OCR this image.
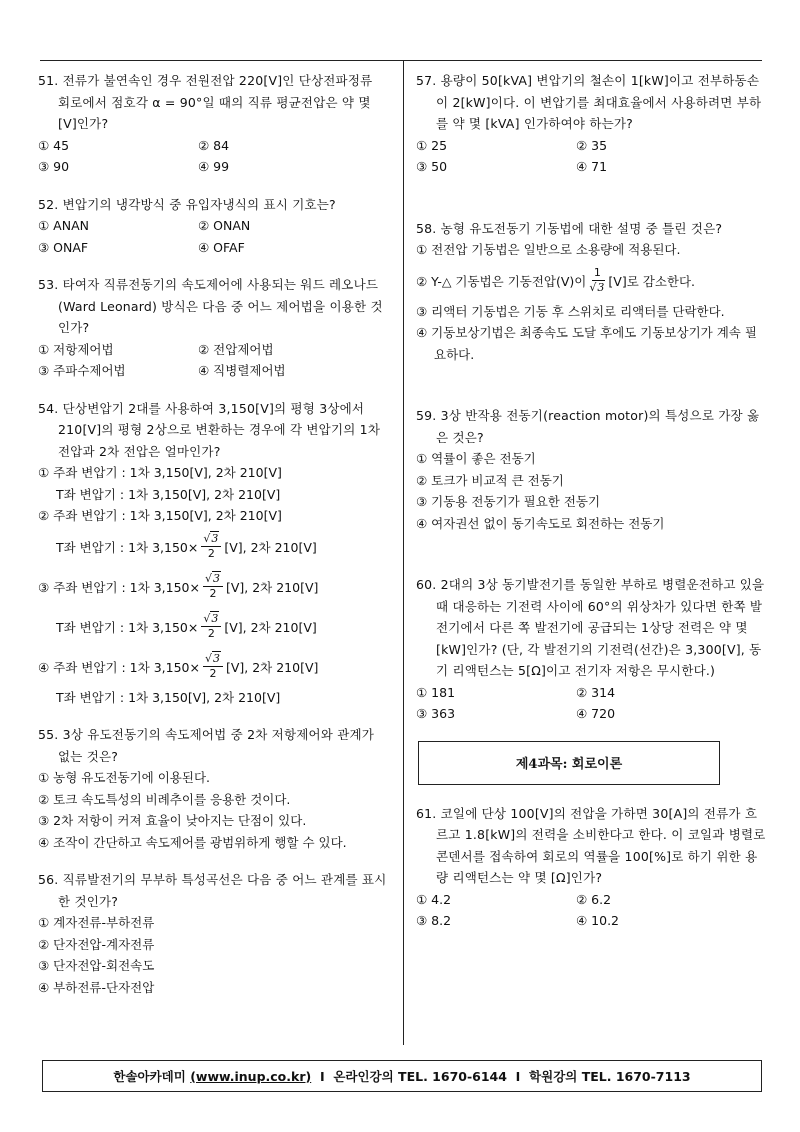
51. 전류가 불연속인 경우 전원전압 220[V]인 단상전파정류 회로에서 점호각 α = 90°일 때의 직류 평균전압은 약 몇 [V]인가?
① 45	② 84
③ 90	④ 99
52. 변압기의 냉각방식 중 유입자냉식의 표시 기호는?
① ANAN	② ONAN
③ ONAF	④ OFAF
53. 타여자 직류전동기의 속도제어에 사용되는 워드 레오나드(Ward Leonard) 방식은 다음 중 어느 제어법을 이용한 것인가?
① 저항제어법	② 전압제어법
③ 주파수제어법	④ 직병렬제어법
54. 단상변압기 2대를 사용하여 3,150[V]의 평형 3상에서 210[V]의 평형 2상으로 변환하는 경우에 각 변압기의 1차 전압과 2차 전압은 얼마인가?
① 주좌 변압기 : 1차 3,150[V], 2차 210[V]
T좌 변압기 : 1차 3,150[V], 2차 210[V]
② 주좌 변압기 : 1차 3,150[V], 2차 210[V]
T좌 변압기 : 1차 $3,150\times \frac{√3}{2} [V]$, 2차 210[V]
③ 주좌 변압기 : 1차 $3,150\times \frac{√3}{2} [V]$, 2차 210[V]
T좌 변압기 : 1차 $3,150\times \frac{√3}{2} [V]$, 2차 210[V]
④ 주좌 변압기 : 1차 $3,150\times \frac{√3}{2} [V]$, 2차 210[V]
T좌 변압기 : 1차 3,150[V], 2차 210[V]
55. 3상 유도전동기의 속도제어법 중 2차 저항제어와 관계가 없는 것은?
① 농형 유도전동기에 이용된다.
② 토크 속도특성의 비례추이를 응용한 것이다.
③ 2차 저항이 커져 효율이 낮아지는 단점이 있다.
④ 조작이 간단하고 속도제어를 광범위하게 행할 수 있다.
56. 직류발전기의 무부하 특성곡선은 다음 중 어느 관계를 표시한 것인가?
① 계자전류-부하전류
② 단자전압-계자전류
③ 단자전압-회전속도
④ 부하전류-단자전압
57. 용량이 50[kVA] 변압기의 철손이 1[kW]이고 전부하동손이 2[kW]이다. 이 변압기를 최대효율에서 사용하려면 부하를 약 몇 [kVA] 인가하여야 하는가?
① 25	② 35
③ 50	④ 71
58. 농형 유도전동기 기동법에 대한 설명 중 틀린 것은?
① 전전압 기동법은 일반으로 소용량에 적용된다.
② Y-△ 기동법은 기동전압(V)이 $\frac{1}{√3} [V]$로 감소한다.
③ 리액터 기동법은 기동 후 스위치로 리액터를 단락한다.
④ 기동보상기법은 최종속도 도달 후에도 기동보상기가 계속 필요하다.
59. 3상 반작용 전동기(reaction motor)의 특성으로 가장 옳은 것은?
① 역률이 좋은 전동기
② 토크가 비교적 큰 전동기
③ 기동용 전동기가 필요한 전동기
④ 여자권선 없이 동기속도로 회전하는 전동기
60. 2대의 3상 동기발전기를 동일한 부하로 병렬운전하고 있을 때 대응하는 기전력 사이에 60°의 위상차가 있다면 한쪽 발전기에서 다른 쪽 발전기에 공급되는 1상당 전력은 약 몇 [kW]인가? (단, 각 발전기의 기전력(선간)은 3,300[V], 동기 리액턴스는 5[Ω]이고 전기자 저항은 무시한다.)
① 181	② 314
③ 363	④ 720
제4과목: 회로이론
61. 코일에 단상 100[V]의 전압을 가하면 30[A]의 전류가 흐르고 1.8[kW]의 전력을 소비한다고 한다. 이 코일과 병렬로 콘덴서를 접속하여 회로의 역률을 100[%]로 하기 위한 용량 리액턴스는 약 몇 [Ω]인가?
① 4.2	② 6.2
③ 8.2	④ 10.2
한솔아카데미
(www.inup.co.kr)
I
온라인강의 TEL. 1670-6144
I
학원강의 TEL. 1670-7113
